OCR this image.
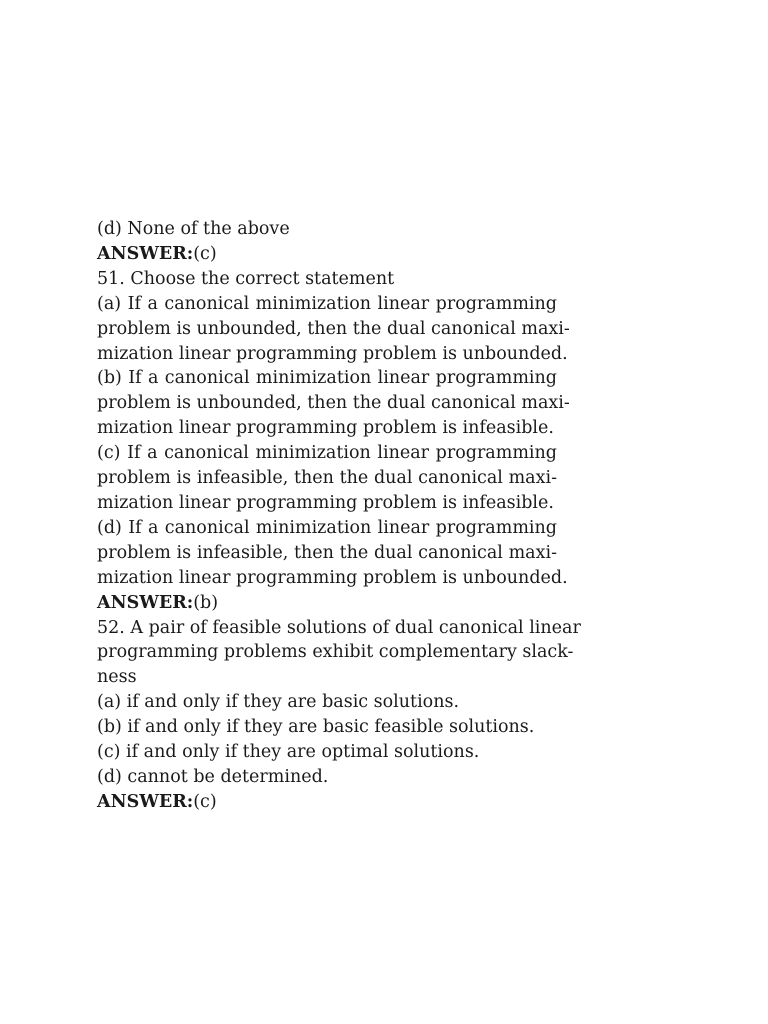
(d) None of the above
ANSWER:(c)
51. Choose the correct statement
(a) If a canonical minimization linear programming
problem is unbounded, then the dual canonical maxi-
mization linear programming problem is unbounded.
(b) If a canonical minimization linear programming
problem is unbounded, then the dual canonical maxi-
mization linear programming problem is infeasible.
(c) If a canonical minimization linear programming
problem is infeasible, then the dual canonical maxi-
mization linear programming problem is infeasible.
(d) If a canonical minimization linear programming
problem is infeasible, then the dual canonical maxi-
mization linear programming problem is unbounded.
ANSWER:(b)
52. A pair of feasible solutions of dual canonical linear
programming problems exhibit complementary slack-
ness
(a) if and only if they are basic solutions.
(b) if and only if they are basic feasible solutions.
(c) if and only if they are optimal solutions.
(d) cannot be determined.
ANSWER:(c)
